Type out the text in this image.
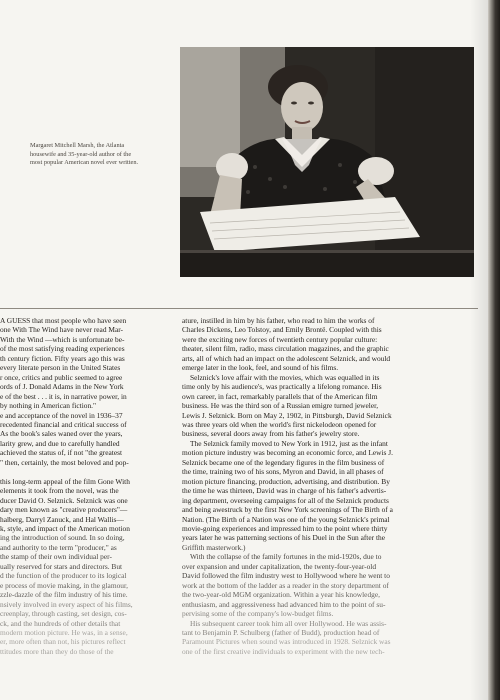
Margaret Mitchell Marsh, the Atlanta
housewife and 35-year-old author of the
most popular American novel ever written.
A GUESS that most people who have seen
one With The Wind have never read Mar-
With the Wind —which is unfortunate be-
of the most satisfying reading experiences
th century fiction. Fifty years ago this was
every literate person in the United States
r once, critics and public seemed to agree
ords of J. Donald Adams in the New York
e of the best . . . it is, in narrative power, in
by nothing in American fiction."
e and acceptance of the novel in 1936–37
recedented financial and critical success of
As the book's sales waned over the years,
larity grew, and due to carefully handled
achieved the status of, if not "the greatest
" then, certainly, the most beloved and pop-

this long-term appeal of the film Gone With
elements it took from the novel, was the
ducer David O. Selznick. Selznick was one
dary men known as "creative producers"—
halberg, Darryl Zanuck, and Hal Wallis—
k, style, and impact of the American motion
ing the introduction of sound. In so doing,
and authority to the term "producer," as
the stamp of their own individual per-
ually reserved for stars and directors. But
d the function of the producer to its logical
e process of movie making, in the glamour,
zzle-dazzle of the film industry of his time.
nsively involved in every aspect of his films,
creenplay, through casting, set design, cos-
ck, and the hundreds of other details that
modern motion picture. He was, in a sense,
er, more often than not, his pictures reflect
ttitudes more than they do those of the
ature, instilled in him by his father, who read to him the works of
Charles Dickens, Leo Tolstoy, and Emily Brontë. Coupled with this
were the exciting new forces of twentieth century popular culture:
theater, silent film, radio, mass circulation magazines, and the graphic
arts, all of which had an impact on the adolescent Selznick, and would
emerge later in the look, feel, and sound of his films.
Selznick's love affair with the movies, which was equalled in its
time only by his audience's, was practically a lifelong romance. His
own career, in fact, remarkably parallels that of the American film
business. He was the third son of a Russian emigre turned jeweler,
Lewis J. Selznick. Born on May 2, 1902, in Pittsburgh, David Selznick
was three years old when the world's first nickelodeon opened for
business, several doors away from his father's jewelry store.
The Selznick family moved to New York in 1912, just as the infant
motion picture industry was becoming an economic force, and Lewis J.
Selznick became one of the legendary figures in the film business of
the time, training two of his sons, Myron and David, in all phases of
motion picture financing, production, advertising, and distribution. By
the time he was thirteen, David was in charge of his father's advertis-
ing department, overseeing campaigns for all of the Selznick products
and being awestruck by the first New York screenings of The Birth of a
Nation. (The Birth of a Nation was one of the young Selznick's primal
movie-going experiences and impressed him to the point where thirty
years later he was patterning sections of his Duel in the Sun after the
Griffith masterwork.)
With the collapse of the family fortunes in the mid-1920s, due to
over expansion and under capitalization, the twenty-four-year-old
David followed the film industry west to Hollywood where he went to
work at the bottom of the ladder as a reader in the story department of
the two-year-old MGM organization. Within a year his knowledge,
enthusiasm, and aggressiveness had advanced him to the point of su-
pervising some of the company's low-budget films.
His subsequent career took him all over Hollywood. He was assis-
tant to Benjamin P. Schulberg (father of Budd), production head of
Paramount Pictures when sound was introduced in 1928. Selznick was
one of the first creative individuals to experiment with the new tech-
